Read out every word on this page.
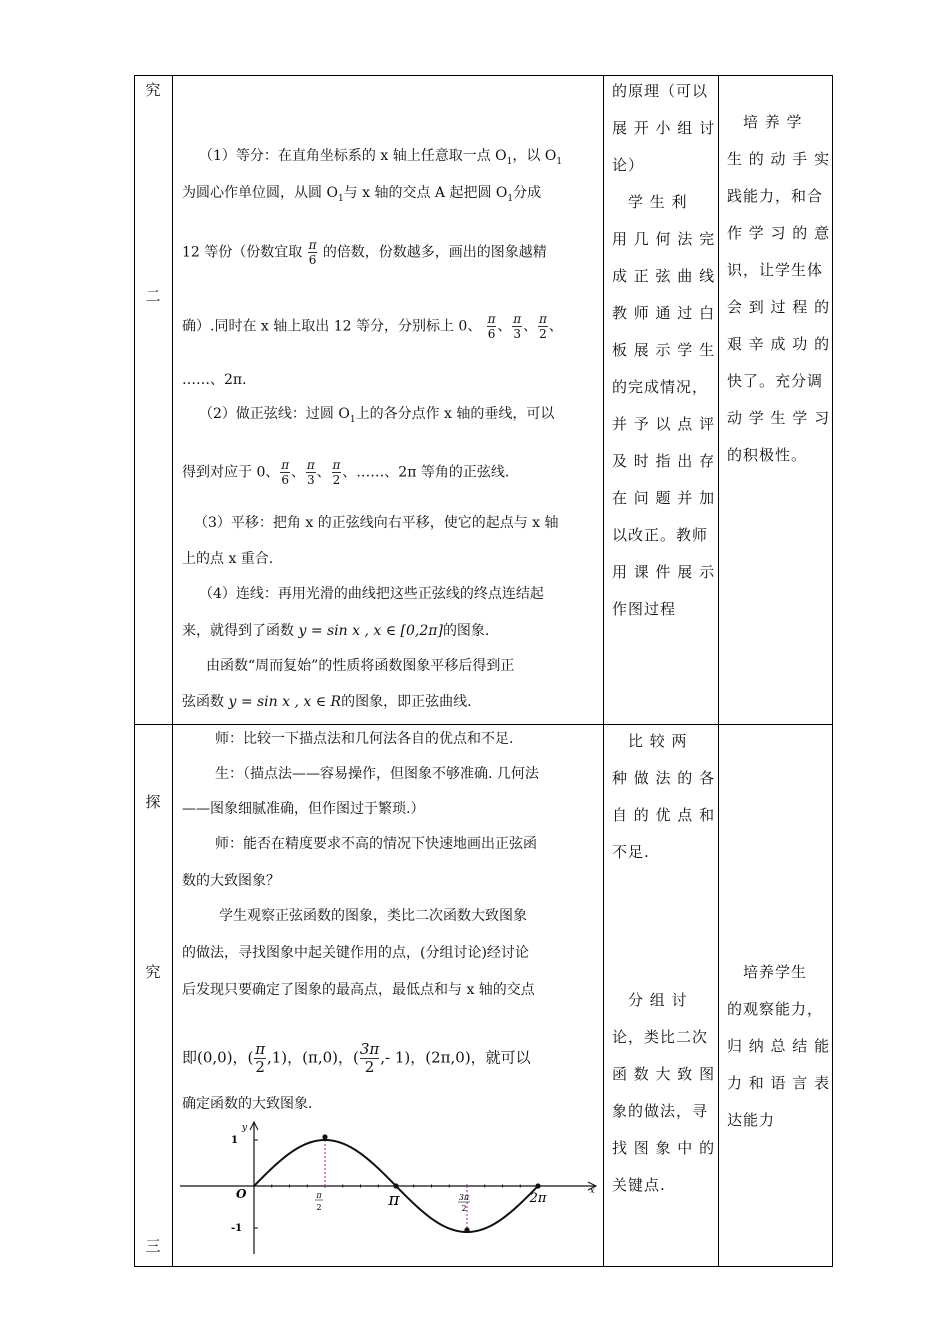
究
二
探
究
三
（1）等分：在直角坐标系的 x 轴上任意取一点 $O_1$，以 $O_1$
为圆心作单位圆，从圆 $O_1$与 x 轴的交点 A 起把圆 $O_1$分成
12 等份（份数宜取 $\frac{\pi}{6}$ 的倍数，份数越多，画出的图象越精
确）.同时在 x 轴上取出 12 等分，分别标上 0、 $\frac{\pi}{6}$ 、 $\frac{\pi}{3}$ 、 $\frac{\pi}{2}$ 、
……、2π.
（2）做正弦线：过圆 $O_1$上的各分点作 x 轴的垂线，可以
得到对应于 0、 $\frac{\pi}{6}$ 、 $\frac{\pi}{3}$ 、 $\frac{\pi}{2}$ 、……、2π 等角的正弦线.
（3）平移：把角 x 的正弦线向右平移，使它的起点与 x 轴
上的点 x 重合.
（4）连线：再用光滑的曲线把这些正弦线的终点连结起
来，就得到了函数 y = sin x , x ∈ [0,2π]的图象.
由函数“周而复始”的性质将函数图象平移后得到正
弦函数 y = sin x , x ∈ R的图象，即正弦曲线.
的原理（可以
展 开 小 组 讨
论）
　学 生 利
用 几 何 法 完
成 正 弦 曲 线
教 师 通 过 白
板 展 示 学 生
的完成情况，
并 予 以 点 评
及 时 指 出 存
在 问 题 并 加
以改正。教师
用 课 件 展 示
作图过程
　培 养 学
生 的 动 手 实
践能力，和合
作 学 习 的 意
识，让学生体
会 到 过 程 的
艰 辛 成 功 的
快了。充分调
动 学 生 学 习
的积极性。
师：比较一下描点法和几何法各自的优点和不足.
生：（描点法——容易操作，但图象不够准确. 几何法
——图象细腻准确，但作图过于繁琐.）
师：能否在精度要求不高的情况下快速地画出正弦函
数的大致图象？
学生观察正弦函数的图象，类比二次函数大致图象
的做法，寻找图象中起关键作用的点，(分组讨论)经讨论
后发现只要确定了图象的最高点，最低点和与 x 轴的交点
即(0,0)，( $\frac{\pi}{2} ,1$)，(π,0)，( $\frac{3\pi}{2}$ ,- 1)，(2π,0)，就可以
确定函数的大致图象.
　比 较 两
种 做 法 的 各
自 的 优 点 和
不足.

　分 组 讨
论，类比二次
函 数 大 致 图
象的做法，寻
找 图 象 中 的
关键点.
　培养学生
的观察能力，
归 纳 总 结 能
力 和 语 言 表
达能力
x
y
O
1
-1
π
2	π	3π
2
2π
